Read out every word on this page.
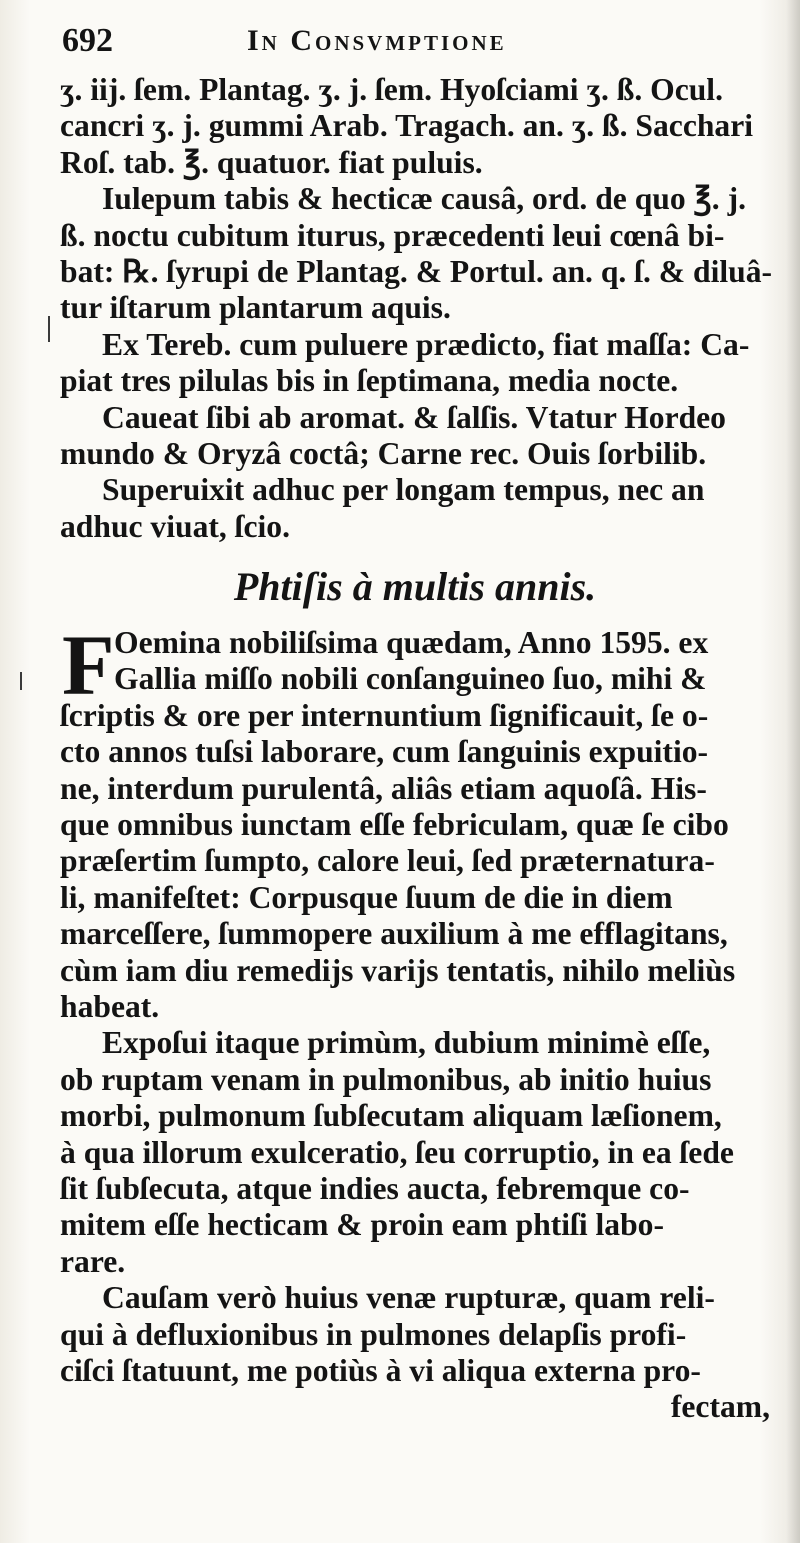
692	In Consvmptione
ʒ. iij. ſem. Plantag. ʒ. j. ſem. Hyoſciami ʒ. ß. Ocul.
cancri ʒ. j. gummi Arab. Tragach. an. ʒ. ß. Sacchari
Roſ. tab. ℥. quatuor. fiat puluis.
Iulepum tabis & hecticæ causâ, ord. de quo ℥. j.
ß. noctu cubitum iturus, præcedenti leui cœnâ bi-
bat: ℞. ſyrupi de Plantag. & Portul. an. q. ſ. & diluâ-
tur iſtarum plantarum aquis.
Ex Tereb. cum puluere prædicto, fiat maſſa: Ca-
piat tres pilulas bis in ſeptimana, media nocte.
Caueat ſibi ab aromat. & ſalſis. Vtatur Hordeo
mundo & Oryzâ coctâ; Carne rec. Ouis ſorbilib.
Superuixit adhuc per longam tempus, nec an
adhuc viuat, ſcio.
Phtiſis à multis annis.
F Oemina nobiliſsima quædam, Anno 1595. ex
Gallia miſſo nobili conſanguineo ſuo, mihi &
ſcriptis & ore per internuntium ſignificauit, ſe o-
cto annos tuſsi laborare, cum ſanguinis expuitio-
ne, interdum purulentâ, aliâs etiam aquoſâ. His-
que omnibus iunctam eſſe febriculam, quæ ſe cibo
præſertim ſumpto, calore leui, ſed præternatura-
li, manifeſtet: Corpusque ſuum de die in diem
marceſſere, ſummopere auxilium à me efflagitans,
cùm iam diu remedijs varijs tentatis, nihilo meliùs
habeat.
Expoſui itaque primùm, dubium minimè eſſe,
ob ruptam venam in pulmonibus, ab initio huius
morbi, pulmonum ſubſecutam aliquam læſionem,
à qua illorum exulceratio, ſeu corruptio, in ea ſede
ſit ſubſecuta, atque indies aucta, febremque co-
mitem eſſe hecticam & proin eam phtiſi labo-
rare.
Cauſam verò huius venæ rupturæ, quam reli-
qui à defluxionibus in pulmones delapſis profi-
ciſci ſtatuunt, me potiùs à vi aliqua externa pro-
fectam,
